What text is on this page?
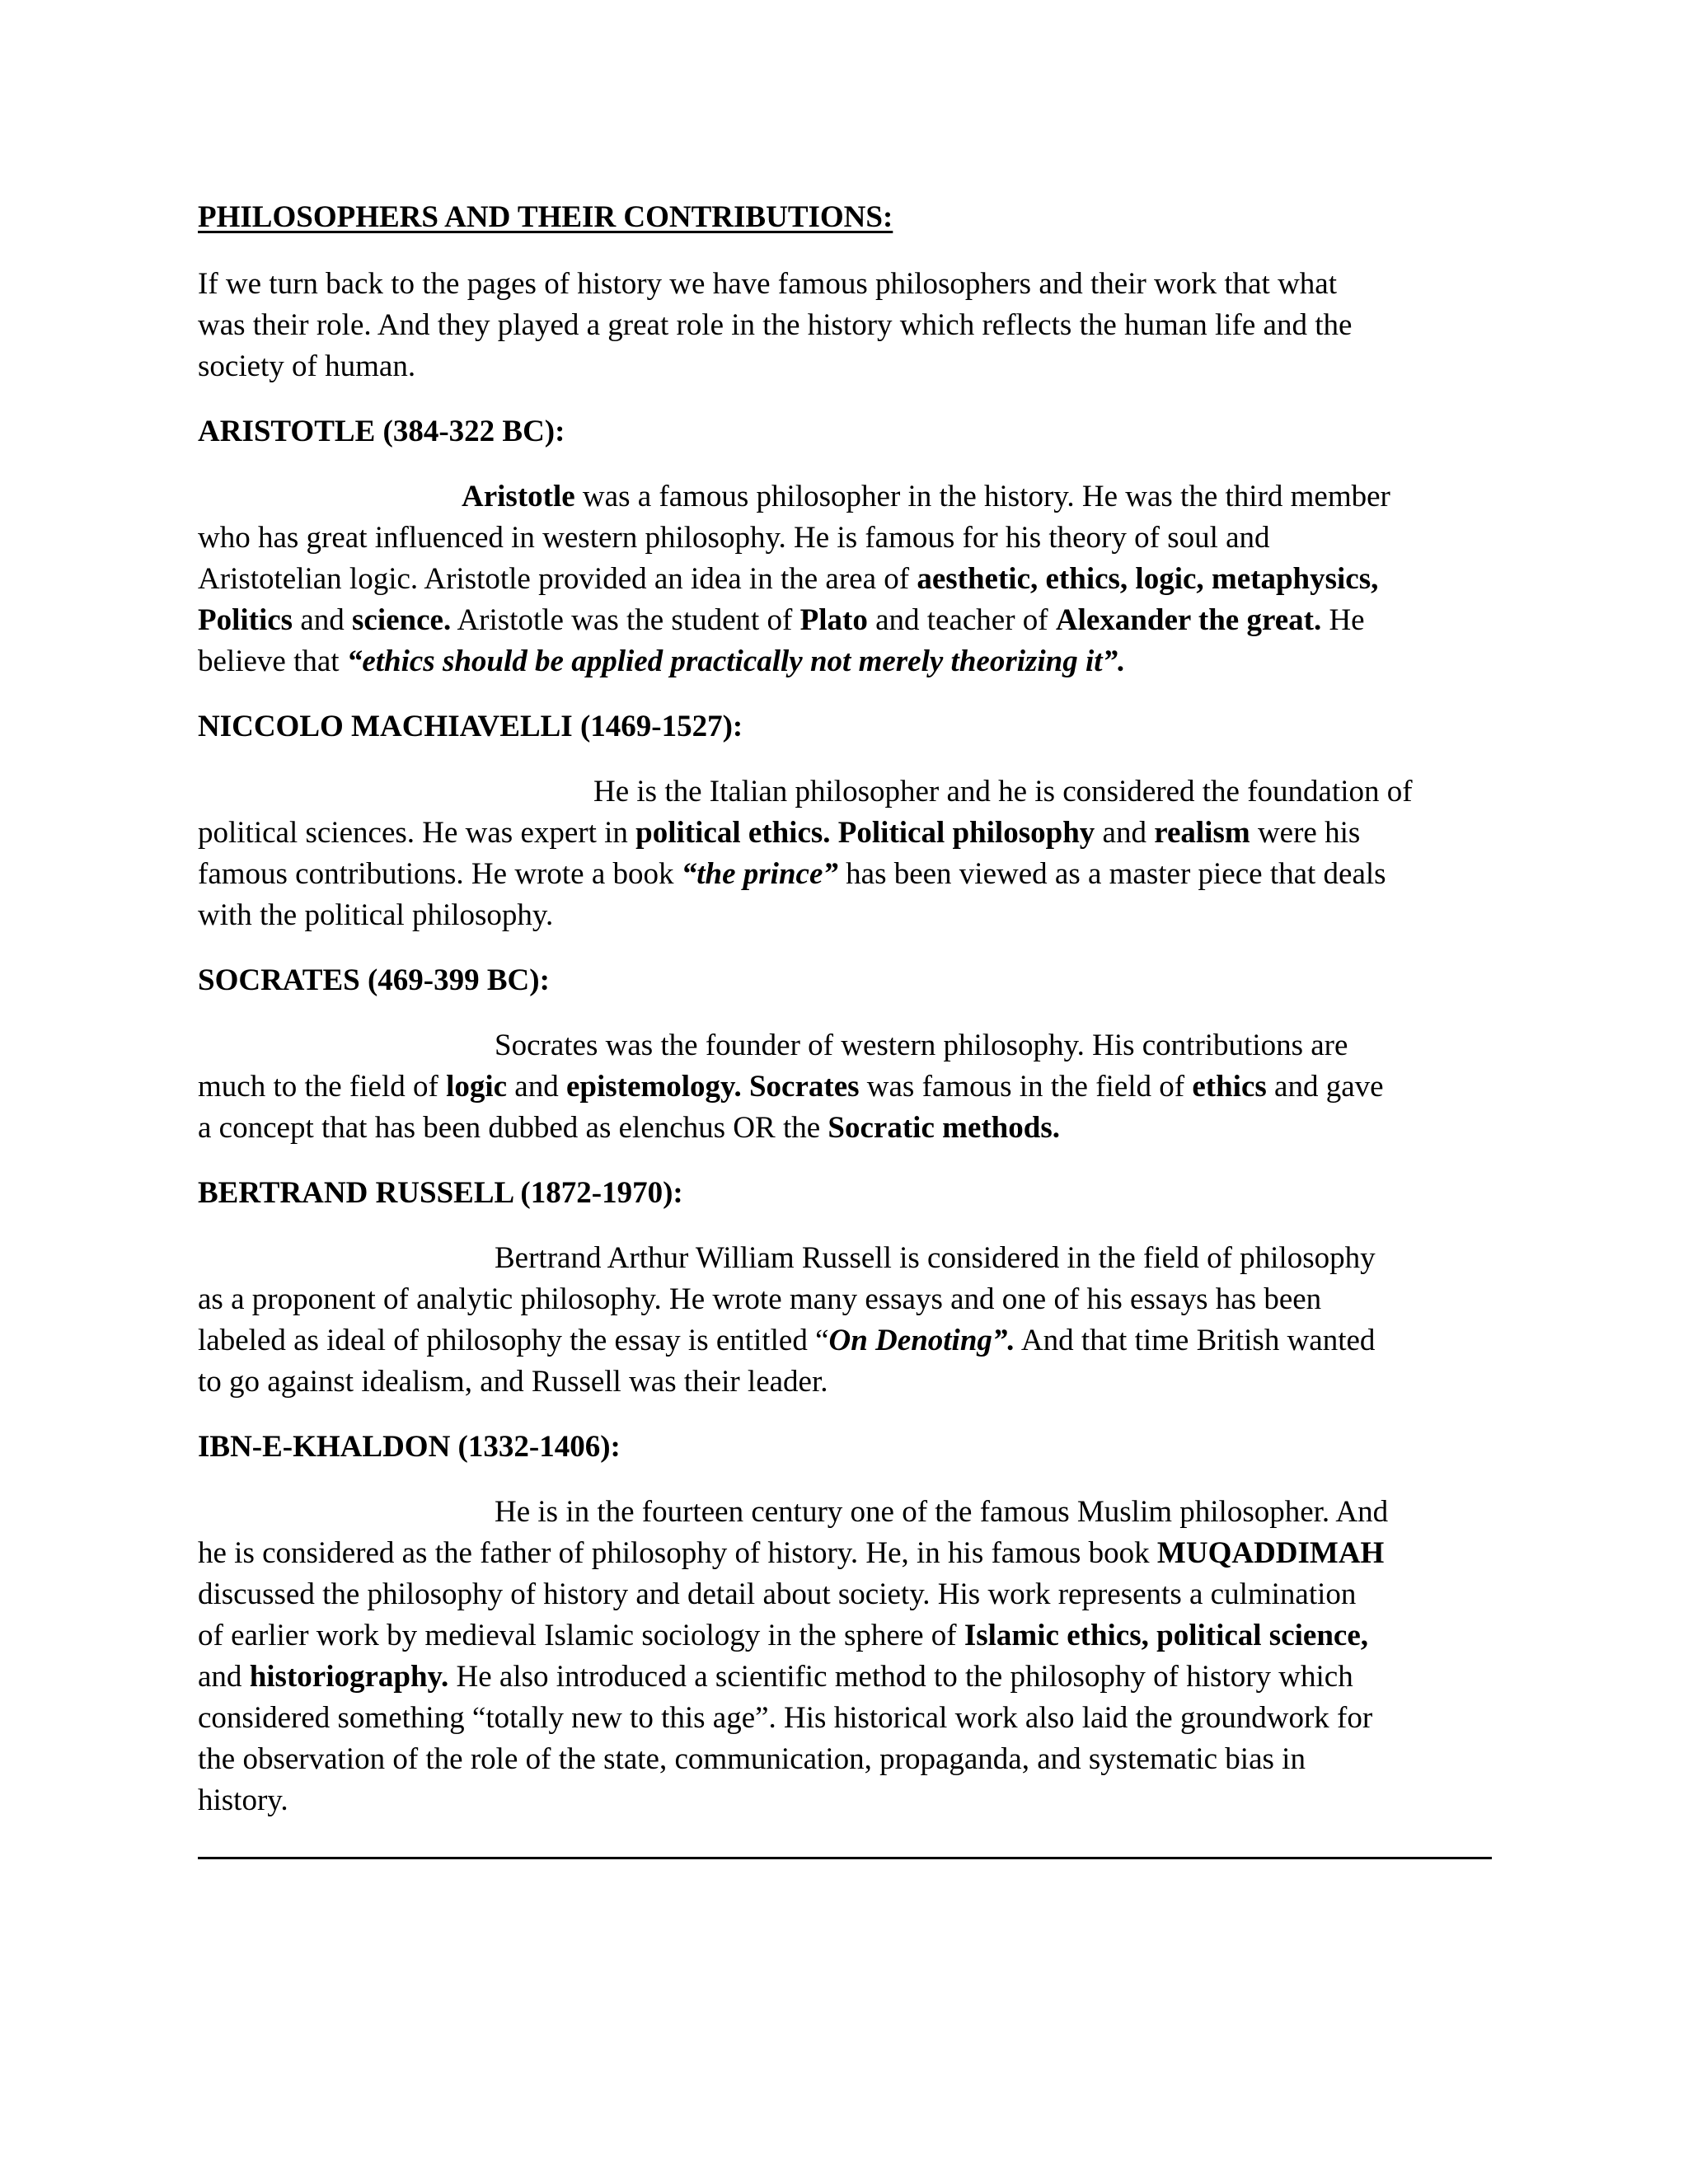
PHILOSOPHERS AND THEIR CONTRIBUTIONS:
If we turn back to the pages of history we have famous philosophers and their work that what
was their role. And they played a great role in the history which reflects the human life and the
society of human.
ARISTOTLE (384-322 BC):
Aristotle was a famous philosopher in the history. He was the third member
who has great influenced in western philosophy. He is famous for his theory of soul and
Aristotelian logic. Aristotle provided an idea in the area of aesthetic, ethics, logic, metaphysics,
Politics and science. Aristotle was the student of Plato and teacher of Alexander the great. He
believe that “ethics should be applied practically not merely theorizing it”.
NICCOLO MACHIAVELLI (1469-1527):
He is the Italian philosopher and he is considered the foundation of
political sciences. He was expert in political ethics. Political philosophy and realism were his
famous contributions. He wrote a book “the prince” has been viewed as a master piece that deals
with the political philosophy.
SOCRATES (469-399 BC):
Socrates was the founder of western philosophy. His contributions are
much to the field of logic and epistemology. Socrates was famous in the field of ethics and gave
a concept that has been dubbed as elenchus OR the Socratic methods.
BERTRAND RUSSELL (1872-1970):
Bertrand Arthur William Russell is considered in the field of philosophy
as a proponent of analytic philosophy. He wrote many essays and one of his essays has been
labeled as ideal of philosophy the essay is entitled “On Denoting”. And that time British wanted
to go against idealism, and Russell was their leader.
IBN-E-KHALDON (1332-1406):
He is in the fourteen century one of the famous Muslim philosopher. And
he is considered as the father of philosophy of history. He, in his famous book MUQADDIMAH
discussed the philosophy of history and detail about society. His work represents a culmination
of earlier work by medieval Islamic sociology in the sphere of Islamic ethics, political science,
and historiography. He also introduced a scientific method to the philosophy of history which
considered something “totally new to this age”. His historical work also laid the groundwork for
the observation of the role of the state, communication, propaganda, and systematic bias in
history.
